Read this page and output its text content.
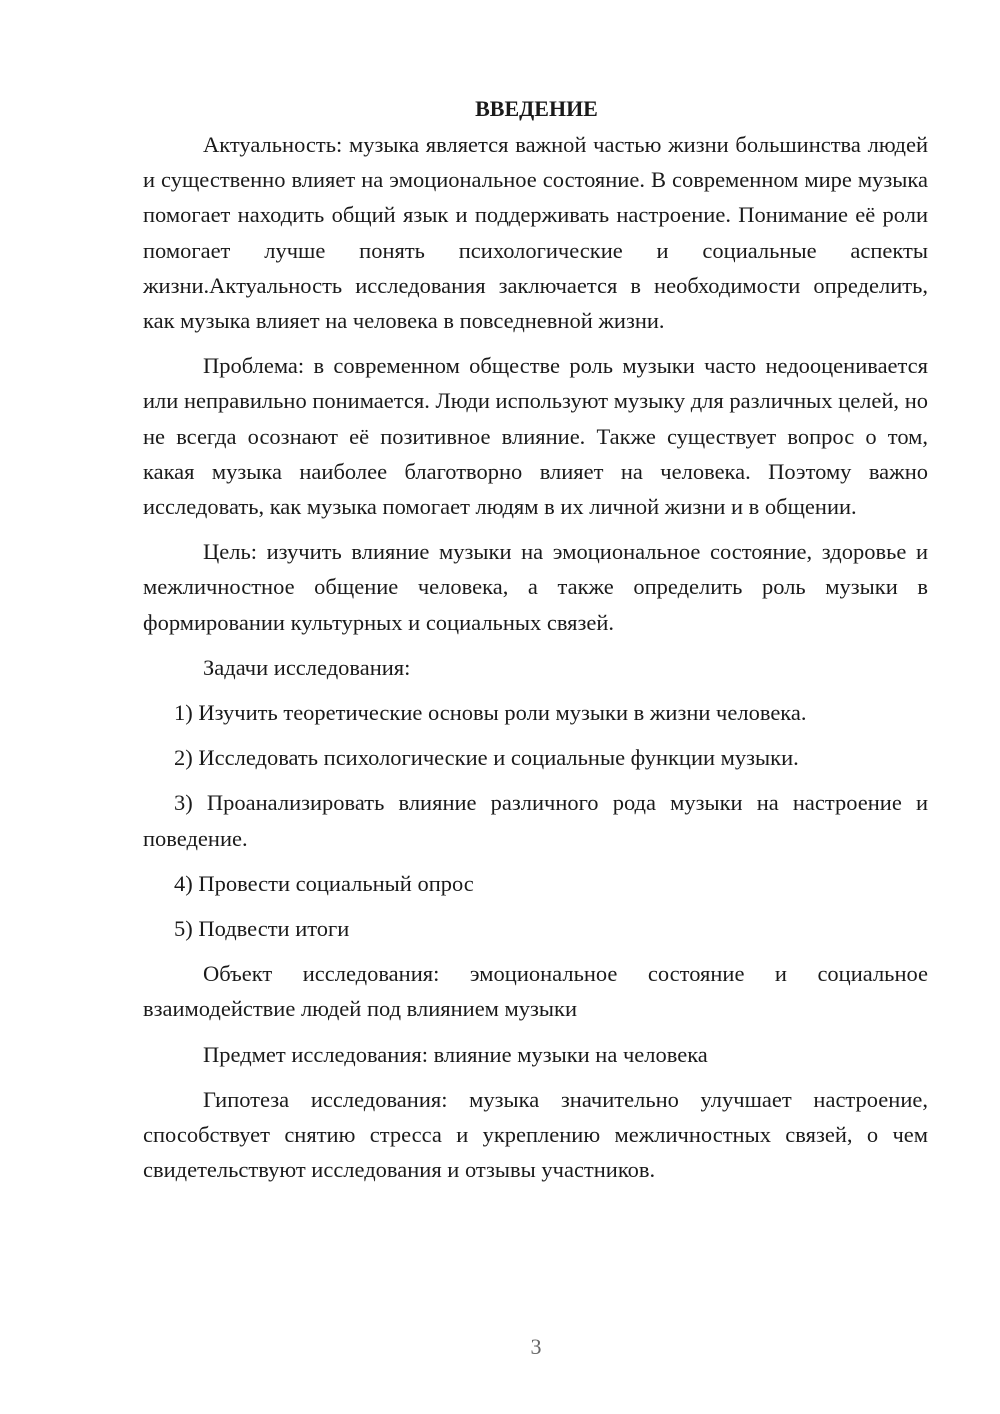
ВВЕДЕНИЕ

Актуальность: музыка является важной частью жизни большинства людей и существенно влияет на эмоциональное состояние. В современном мире музыка помогает находить общий язык и поддерживать настроение. Понимание её роли помогает лучше понять психологические и социальные аспекты жизни.Актуальность исследования заключается в необходимости определить, как музыка влияет на человека в повседневной жизни.

Проблема: в современном обществе роль музыки часто недооценивается или неправильно понимается. Люди используют музыку для различных целей, но не всегда осознают её позитивное влияние. Также существует вопрос о том, какая музыка наиболее благотворно влияет на человека. Поэтому важно исследовать, как музыка помогает людям в их личной жизни и в общении.

Цель: изучить влияние музыки на эмоциональное состояние, здоровье и межличностное общение человека, а также определить роль музыки в формировании культурных и социальных связей.

Задачи исследования:

1) Изучить теоретические основы роли музыки в жизни человека.

2) Исследовать психологические и социальные функции музыки.

3) Проанализировать влияние различного рода музыки на настроение и поведение.

4) Провести социальный опрос

5) Подвести итоги

Объект исследования: эмоциональное состояние и социальное взаимодействие людей под влиянием музыки

Предмет исследования: влияние музыки на человека

Гипотеза исследования: музыка значительно улучшает настроение, способствует снятию стресса и укреплению межличностных связей, о чем свидетельствуют исследования и отзывы участников.

3
